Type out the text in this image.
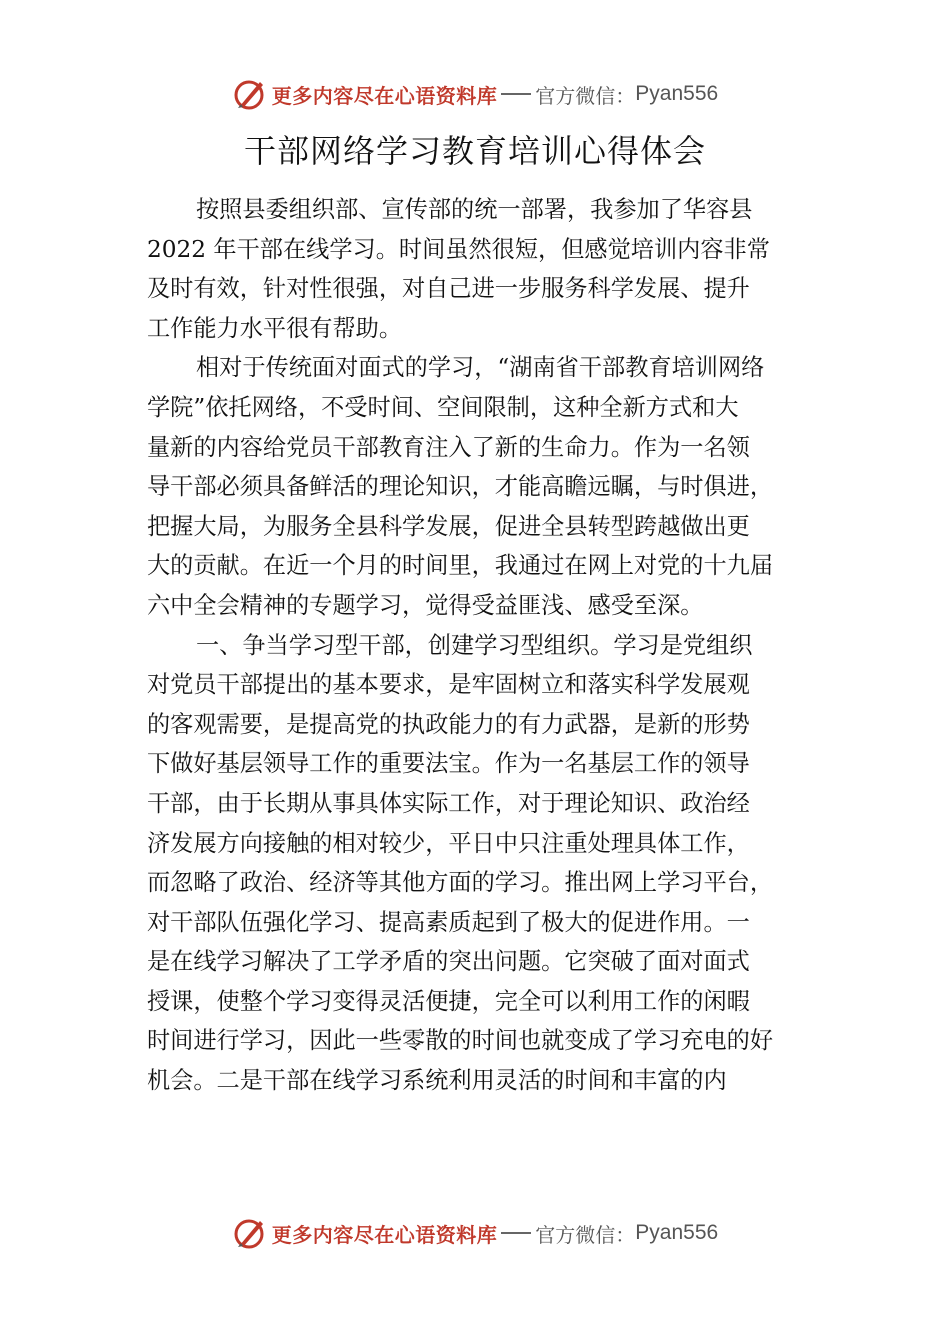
更多内容尽在心语资料库 官方微信： Pyan556
干部网络学习教育培训心得体会
按照县委组织部、宣传部的统一部署，我参加了华容县
2022 年干部在线学习。时间虽然很短，但感觉培训内容非常
及时有效，针对性很强，对自己进一步服务科学发展、提升
工作能力水平很有帮助。
相对于传统面对面式的学习，“湖南省干部教育培训网络
学院”依托网络，不受时间、空间限制，这种全新方式和大
量新的内容给党员干部教育注入了新的生命力。作为一名领
导干部必须具备鲜活的理论知识，才能高瞻远瞩，与时俱进，
把握大局，为服务全县科学发展，促进全县转型跨越做出更
大的贡献。在近一个月的时间里，我通过在网上对党的十九届
六中全会精神的专题学习，觉得受益匪浅、感受至深。
一、争当学习型干部，创建学习型组织。学习是党组织
对党员干部提出的基本要求，是牢固树立和落实科学发展观
的客观需要，是提高党的执政能力的有力武器，是新的形势
下做好基层领导工作的重要法宝。作为一名基层工作的领导
干部，由于长期从事具体实际工作，对于理论知识、政治经
济发展方向接触的相对较少，平日中只注重处理具体工作，
而忽略了政治、经济等其他方面的学习。推出网上学习平台，
对干部队伍强化学习、提高素质起到了极大的促进作用。一
是在线学习解决了工学矛盾的突出问题。它突破了面对面式
授课，使整个学习变得灵活便捷，完全可以利用工作的闲暇
时间进行学习，因此一些零散的时间也就变成了学习充电的好
机会。二是干部在线学习系统利用灵活的时间和丰富的内
更多内容尽在心语资料库 官方微信： Pyan556
